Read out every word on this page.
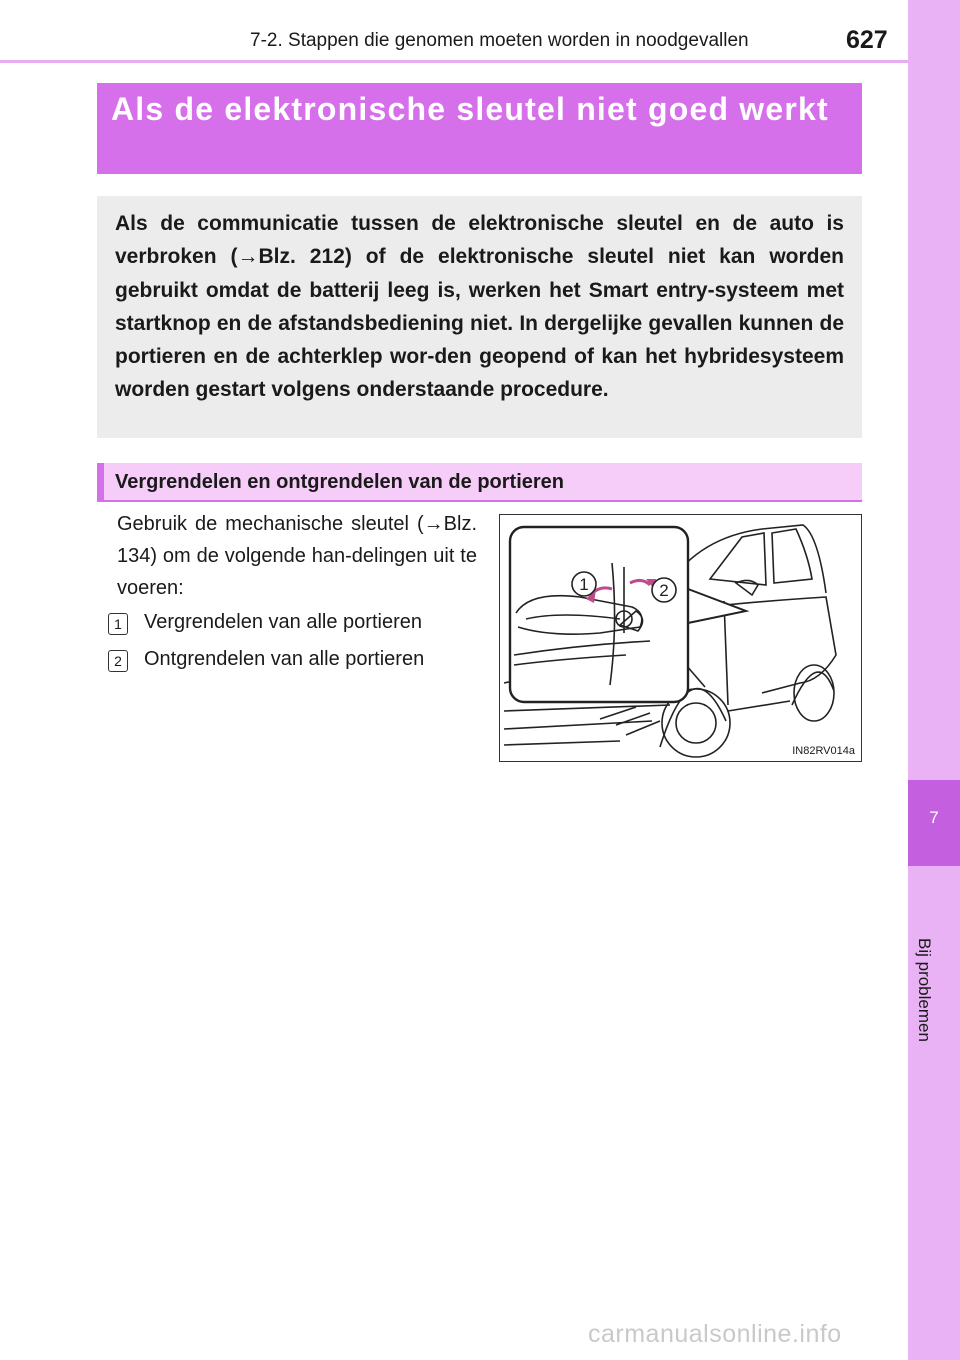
7
Bij problemen
7-2. Stappen die genomen moeten worden in noodgevallen	627
Als de elektronische sleutel niet goed werkt

Als de communicatie tussen de elektronische sleutel en de auto is verbroken (→Blz. 212) of de elektronische sleutel niet kan worden gebruikt omdat de batterij leeg is, werken het Smart entry-systeem met startknop en de afstandsbediening niet. In dergelijke gevallen kunnen de portieren en de achterklep wor-den geopend of kan het hybridesysteem worden gestart volgens onderstaande procedure.

Vergrendelen en ontgrendelen van de portieren

Gebruik de mechanische sleutel (→Blz. 134) om de volgende han-delingen uit te voeren:

1	Vergrendelen van alle portieren
2	Ontgrendelen van alle portieren
1	2
IN82RV014a
carmanualsonline.info
